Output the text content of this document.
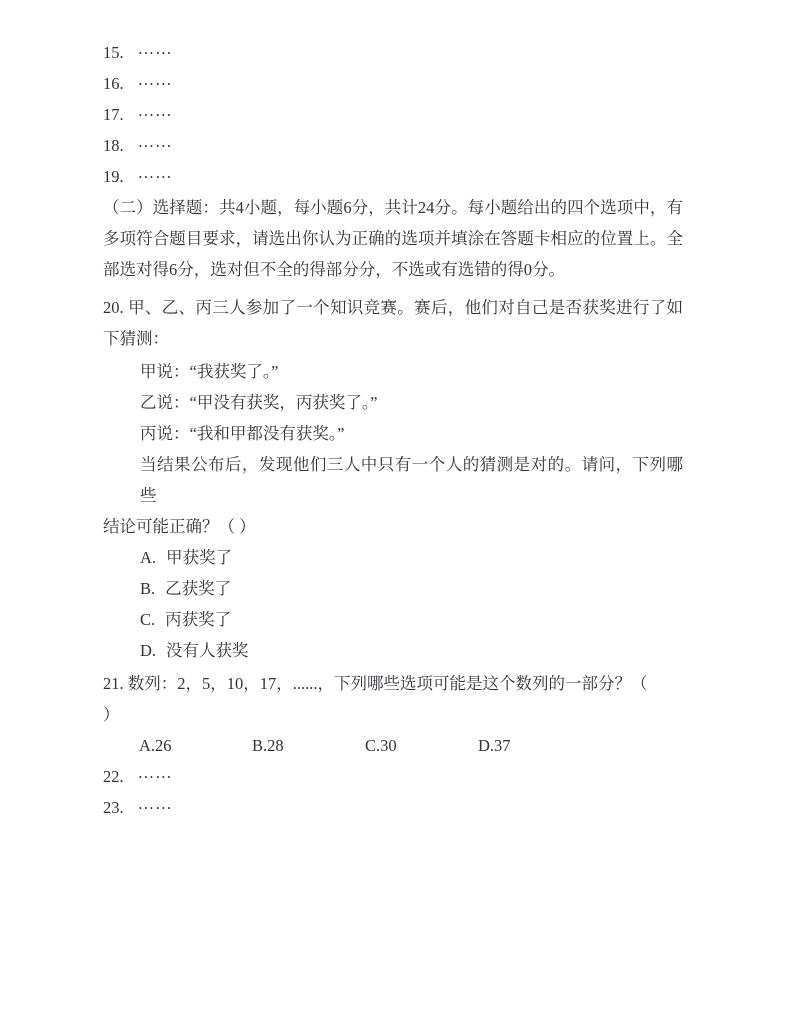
15. ……
16. ……
17. ……
18. ……
19. ……
（二）选择题：共4小题，每小题6分，共计24分。每小题给出的四个选项中，有
多项符合题目要求，请选出你认为正确的选项并填涂在答题卡相应的位置上。全
部选对得6分，选对但不全的得部分分，不选或有选错的得0分。
20. 甲、乙、丙三人参加了一个知识竞赛。赛后，他们对自己是否获奖进行了如
下猜测：
甲说：“我获奖了。”
乙说：“甲没有获奖，丙获奖了。”
丙说：“我和甲都没有获奖。”
当结果公布后，发现他们三人中只有一个人的猜测是对的。请问，下列哪些
结论可能正确？（ ）
A. 甲获奖了
B. 乙获奖了
C. 丙获奖了
D. 没有人获奖
21. 数列：2，5，10，17，......，下列哪些选项可能是这个数列的一部分？（
）
A.26	B.28	C.30	D.37
22. ……
23. ……
